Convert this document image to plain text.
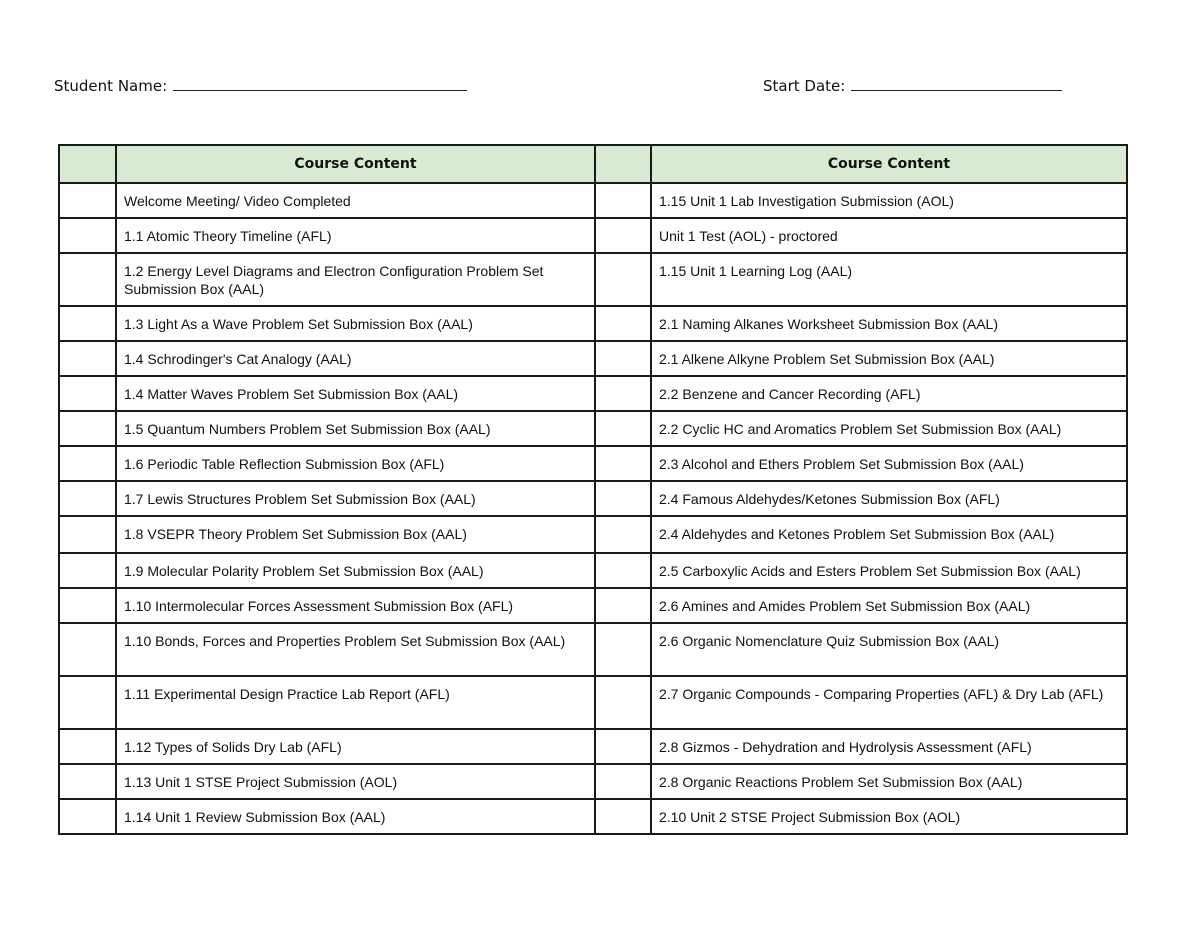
Student Name:	Start Date:
	Course Content		Course Content
	Welcome Meeting/ Video Completed		1.15 Unit 1 Lab Investigation Submission (AOL)
	1.1 Atomic Theory Timeline (AFL)		Unit 1 Test (AOL) - proctored
	1.2 Energy Level Diagrams and Electron Configuration Problem Set Submission Box (AAL)		1.15 Unit 1 Learning Log (AAL)
	1.3 Light As a Wave Problem Set Submission Box (AAL)		2.1 Naming Alkanes Worksheet Submission Box (AAL)
	1.4 Schrodinger's Cat Analogy (AAL)		2.1 Alkene Alkyne Problem Set Submission Box (AAL)
	1.4 Matter Waves Problem Set Submission Box (AAL)		2.2 Benzene and Cancer Recording (AFL)
	1.5 Quantum Numbers Problem Set Submission Box (AAL)		2.2 Cyclic HC and Aromatics Problem Set Submission Box (AAL)
	1.6 Periodic Table Reflection Submission Box (AFL)		2.3 Alcohol and Ethers Problem Set Submission Box (AAL)
	1.7 Lewis Structures Problem Set Submission Box (AAL)		2.4 Famous Aldehydes/Ketones Submission Box (AFL)
	1.8 VSEPR Theory Problem Set Submission Box (AAL)		2.4 Aldehydes and Ketones Problem Set Submission Box (AAL)
	1.9 Molecular Polarity Problem Set Submission Box (AAL)		2.5 Carboxylic Acids and Esters Problem Set Submission Box (AAL)
	1.10 Intermolecular Forces Assessment Submission Box (AFL)		2.6 Amines and Amides Problem Set Submission Box (AAL)
	1.10 Bonds, Forces and Properties Problem Set Submission Box (AAL)		2.6 Organic Nomenclature Quiz Submission Box (AAL)
	1.11 Experimental Design Practice Lab Report (AFL)		2.7 Organic Compounds - Comparing Properties (AFL) & Dry Lab (AFL)
	1.12 Types of Solids Dry Lab (AFL)		2.8 Gizmos - Dehydration and Hydrolysis Assessment (AFL)
	1.13 Unit 1 STSE Project Submission (AOL)		2.8 Organic Reactions Problem Set Submission Box (AAL)
	1.14 Unit 1 Review Submission Box (AAL)		2.10 Unit 2 STSE Project Submission Box (AOL)
